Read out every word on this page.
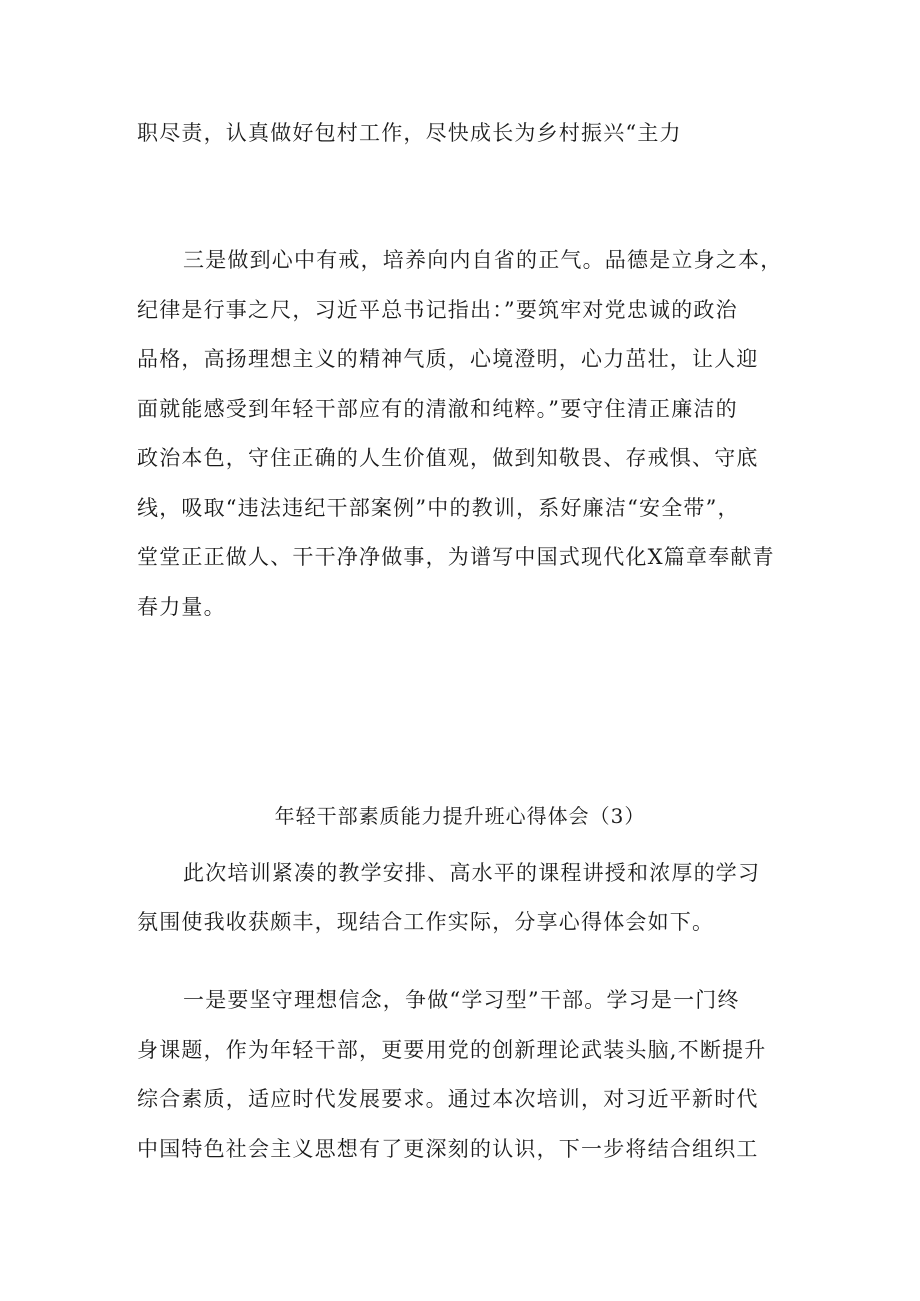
职尽责，认真做好包村工作，尽快成长为乡村振兴“主力
三是做到心中有戒，培养向内自省的正气。品德是立身之本，
纪律是行事之尺，习近平总书记指出：”要筑牢对党忠诚的政治
品格，高扬理想主义的精神气质，心境澄明，心力茁壮，让人迎
面就能感受到年轻干部应有的清澈和纯粹。”要守住清正廉洁的
政治本色，守住正确的人生价值观，做到知敬畏、存戒惧、守底
线，吸取“违法违纪干部案例”中的教训，系好廉洁“安全带”，
堂堂正正做人、干干净净做事，为谱写中国式现代化X篇章奉献青
春力量。
年轻干部素质能力提升班心得体会（3）
此次培训紧凑的教学安排、高水平的课程讲授和浓厚的学习
氛围使我收获颇丰，现结合工作实际，分享心得体会如下。
一是要坚守理想信念，争做“学习型”干部。学习是一门终
身课题，作为年轻干部，更要用党的创新理论武装头脑,不断提升
综合素质，适应时代发展要求。通过本次培训，对习近平新时代
中国特色社会主义思想有了更深刻的认识，下一步将结合组织工
